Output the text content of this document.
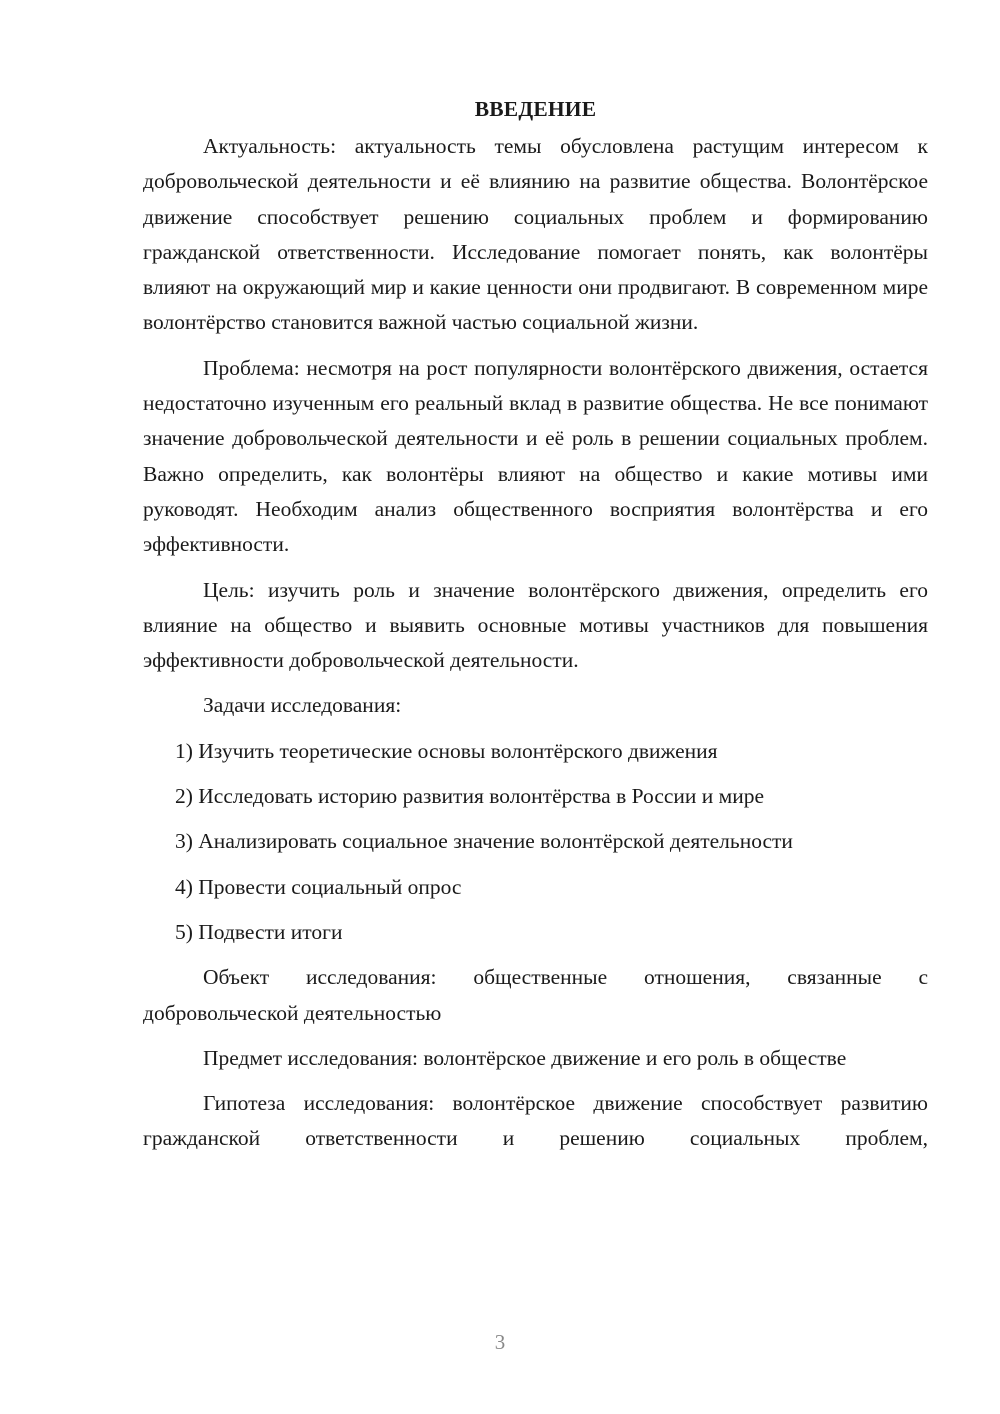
ВВЕДЕНИЕ

Актуальность: актуальность темы обусловлена растущим интересом к добровольческой деятельности и её влиянию на развитие общества. Волонтёрское движение способствует решению социальных проблем и формированию гражданской ответственности. Исследование помогает понять, как волонтёры влияют на окружающий мир и какие ценности они продвигают. В современном мире волонтёрство становится важной частью социальной жизни.

Проблема: несмотря на рост популярности волонтёрского движения, остается недостаточно изученным его реальный вклад в развитие общества. Не все понимают значение добровольческой деятельности и её роль в решении социальных проблем. Важно определить, как волонтёры влияют на общество и какие мотивы ими руководят. Необходим анализ общественного восприятия волонтёрства и его эффективности.

Цель: изучить роль и значение волонтёрского движения, определить его влияние на общество и выявить основные мотивы участников для повышения эффективности добровольческой деятельности.

Задачи исследования:

1) Изучить теоретические основы волонтёрского движения
2) Исследовать историю развития волонтёрства в России и мире
3) Анализировать социальное значение волонтёрской деятельности
4) Провести социальный опрос
5) Подвести итоги

Объект исследования: общественные отношения, связанные с добровольческой деятельностью

Предмет исследования: волонтёрское движение и его роль в обществе

Гипотеза исследования: волонтёрское движение способствует развитию гражданской ответственности и решению социальных проблем,

3
